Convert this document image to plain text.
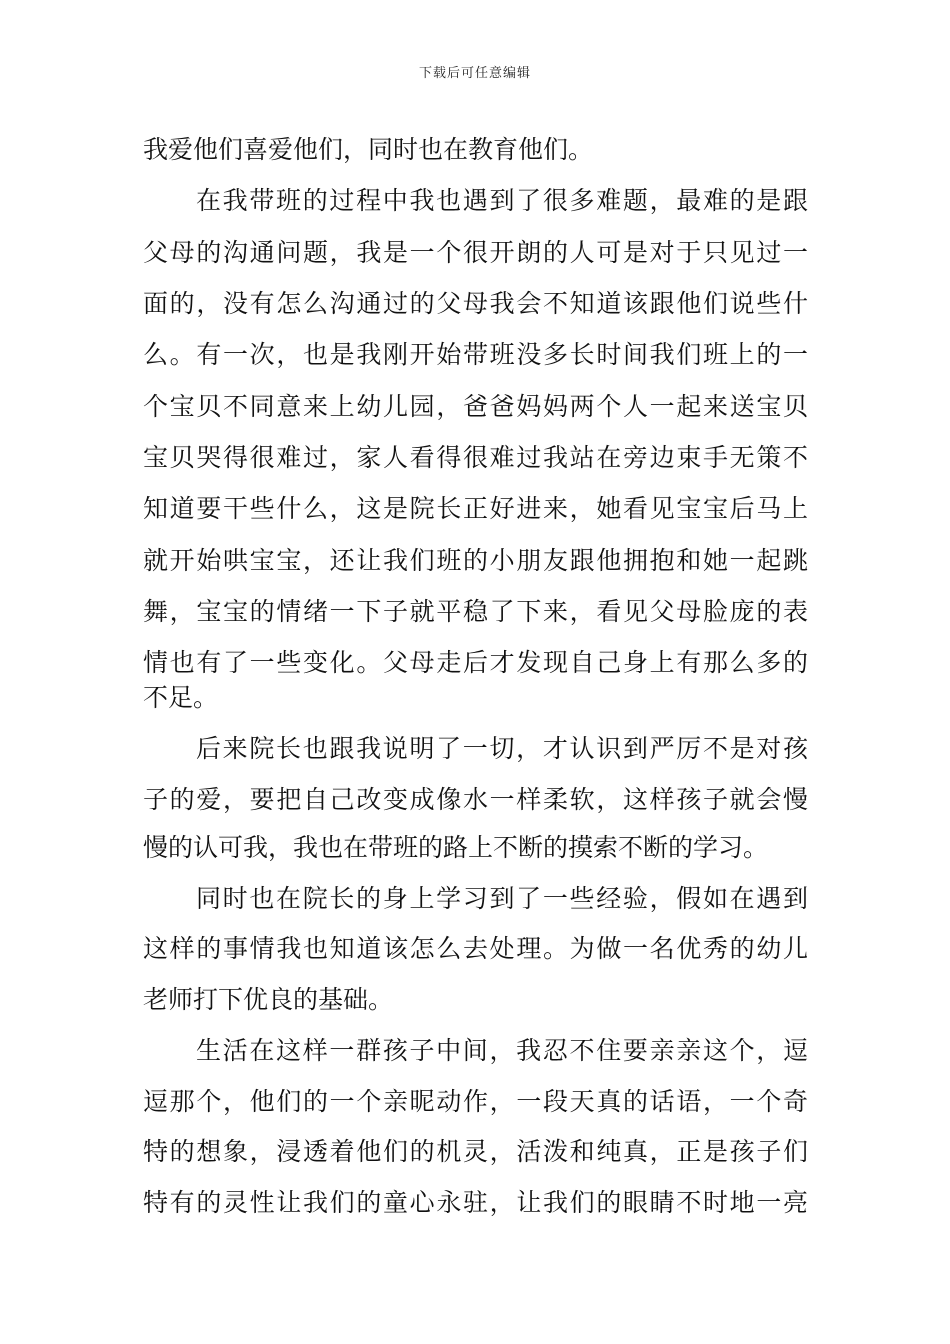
下载后可任意编辑
我爱他们喜爱他们，同时也在教育他们。
在我带班的过程中我也遇到了很多难题，最难的是跟
父母的沟通问题，我是一个很开朗的人可是对于只见过一
面的，没有怎么沟通过的父母我会不知道该跟他们说些什
么。有一次，也是我刚开始带班没多长时间我们班上的一
个宝贝不同意来上幼儿园，爸爸妈妈两个人一起来送宝贝
宝贝哭得很难过，家人看得很难过我站在旁边束手无策不
知道要干些什么，这是院长正好进来，她看见宝宝后马上
就开始哄宝宝，还让我们班的小朋友跟他拥抱和她一起跳
舞，宝宝的情绪一下子就平稳了下来，看见父母脸庞的表
情也有了一些变化。父母走后才发现自己身上有那么多的
不足。
后来院长也跟我说明了一切，才认识到严厉不是对孩
子的爱，要把自己改变成像水一样柔软，这样孩子就会慢
慢的认可我，我也在带班的路上不断的摸索不断的学习。
同时也在院长的身上学习到了一些经验，假如在遇到
这样的事情我也知道该怎么去处理。为做一名优秀的幼儿
老师打下优良的基础。
生活在这样一群孩子中间，我忍不住要亲亲这个，逗
逗那个，他们的一个亲昵动作，一段天真的话语，一个奇
特的想象，浸透着他们的机灵，活泼和纯真，正是孩子们
特有的灵性让我们的童心永驻，让我们的眼睛不时地一亮
